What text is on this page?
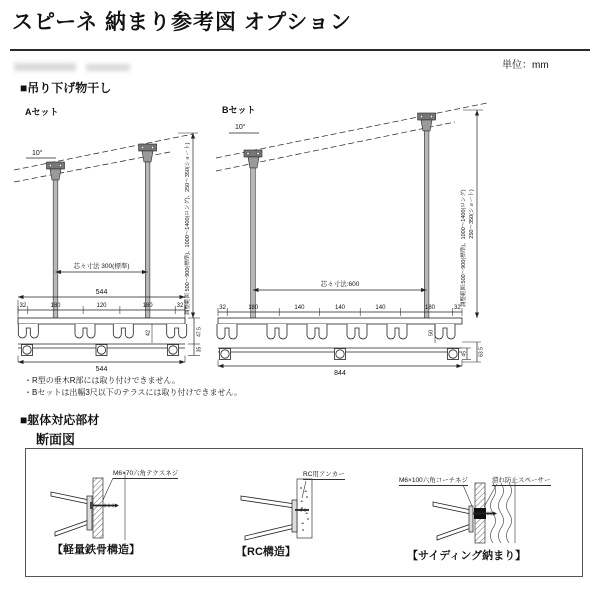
スピーネ 納まり参考図 オプション
単位：mm
■吊り下げ物干し
Aセット	Bセット
10°	調整範囲 500〜900(標準)、1000〜1400(ロング)、250〜350(ショート)
芯々寸法 300(標準)
544
32	180	120	180	32
42	47.5
35
544
10°
調整範囲:500〜900(標準)、1000〜1400(ロング) 250〜350(ショート)
芯々寸法:600
32	180	140	140	140	180	32
50
45 63.5
844
・R型の垂木R部には取り付けできません。
・Bセットは出幅3尺以下のテラスには取り付けできません。
■躯体対応部材
断面図
M6×70六角テクスネジ	RC用アンカー
M6×100六角コーチネジ	潰れ防止スペーサー
【軽量鉄骨構造】	【RC構造】	【サイディング納まり】
